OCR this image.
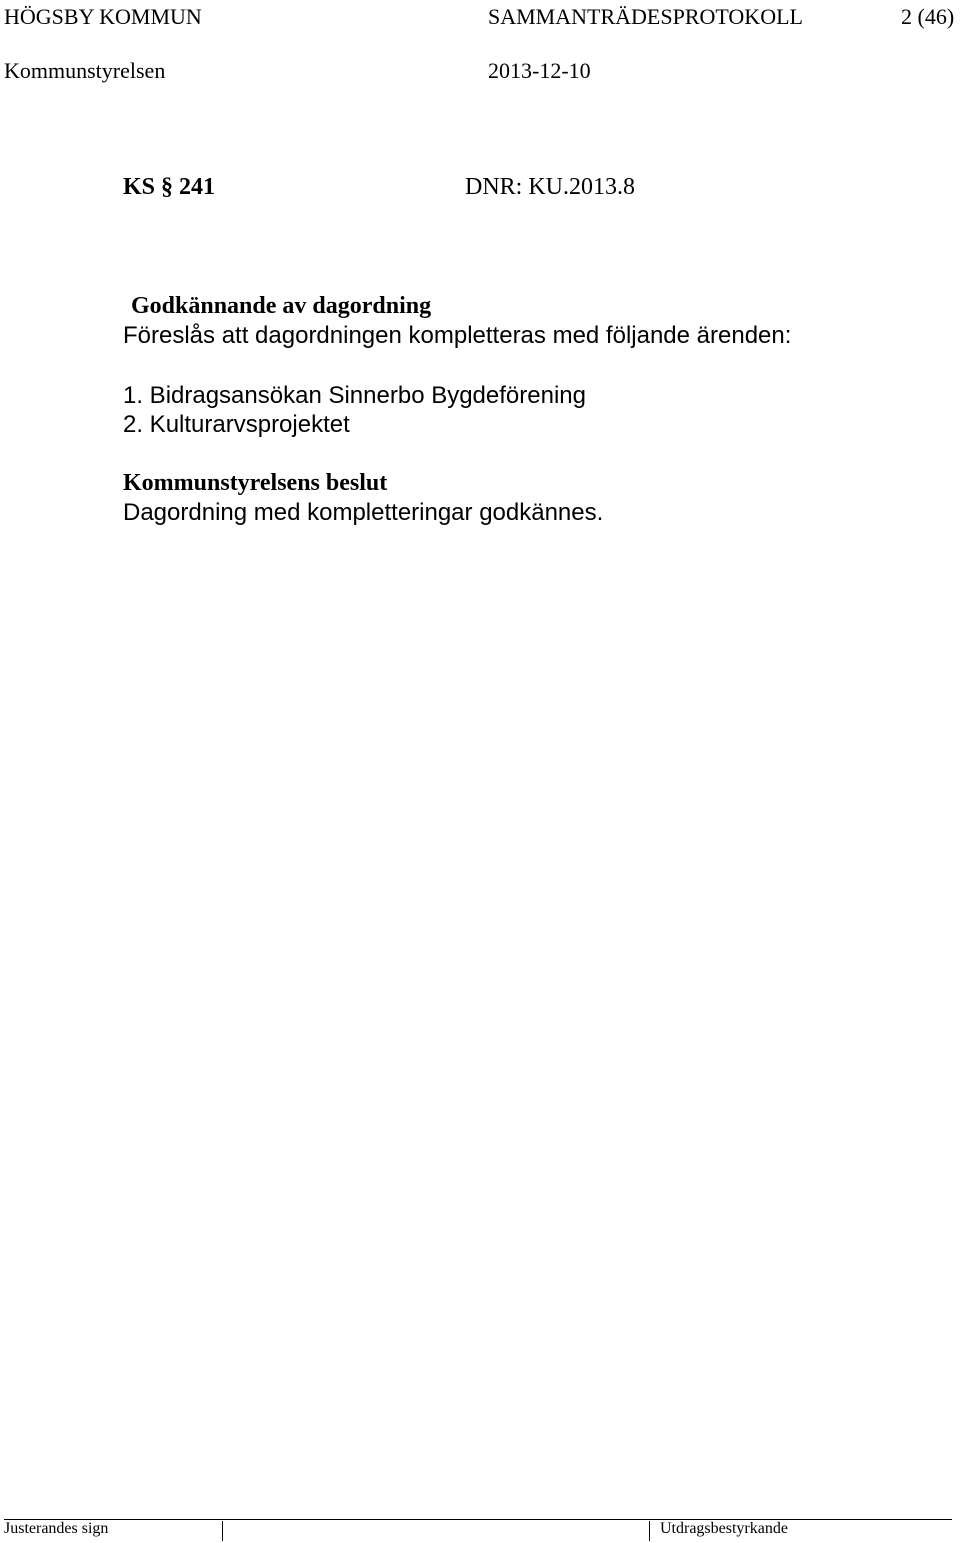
HÖGSBY KOMMUN	SAMMANTRÄDESPROTOKOLL	2 (46)
Kommunstyrelsen	2013-12-10
KS § 241	DNR: KU.2013.8
Godkännande av dagordning
Föreslås att dagordningen kompletteras med följande ärenden:
1. Bidragsansökan Sinnerbo Bygdeförening
2. Kulturarvsprojektet
Kommunstyrelsens beslut
Dagordning med kompletteringar godkännes.
Justerandes sign	Utdragsbestyrkande
